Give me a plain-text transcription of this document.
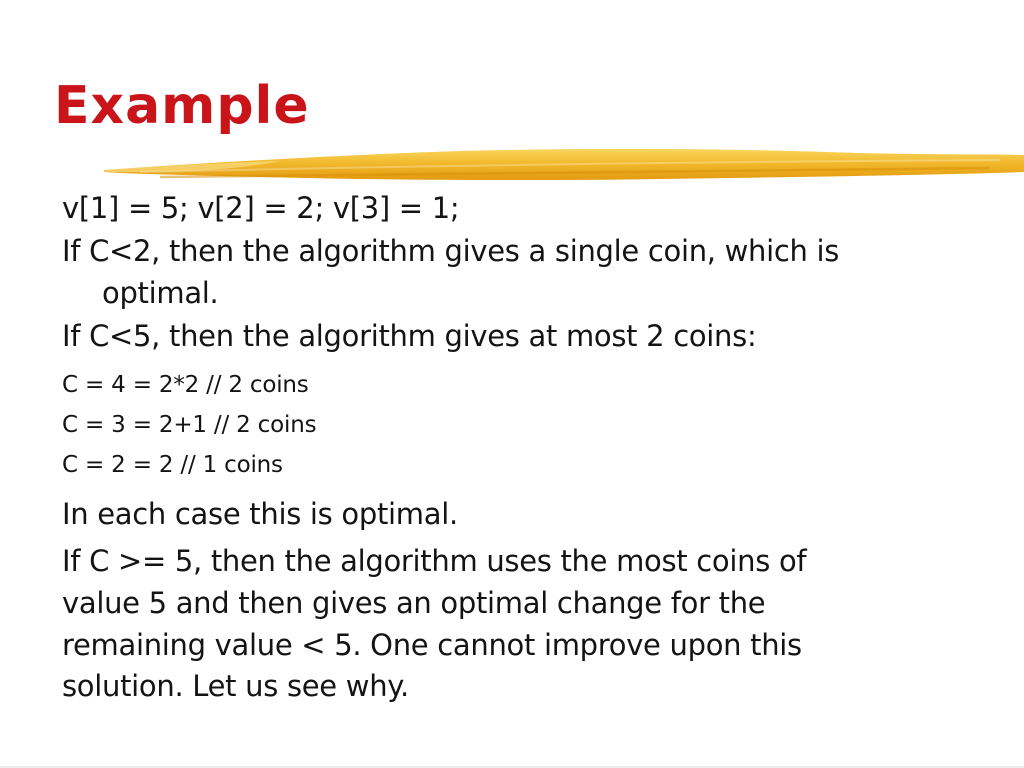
Example
v[1] = 5; v[2] = 2; v[3] = 1;
If C<2, then the algorithm gives a single coin, which is
optimal.
If C<5, then the algorithm gives at most 2 coins:
C = 4 = 2*2 // 2 coins
C = 3 = 2+1 // 2 coins
C = 2 = 2 // 1 coins
In each case this is optimal.
If C >= 5, then the algorithm uses the most coins of
value 5 and then gives an optimal change for the
remaining value < 5. One cannot improve upon this
solution. Let us see why.
